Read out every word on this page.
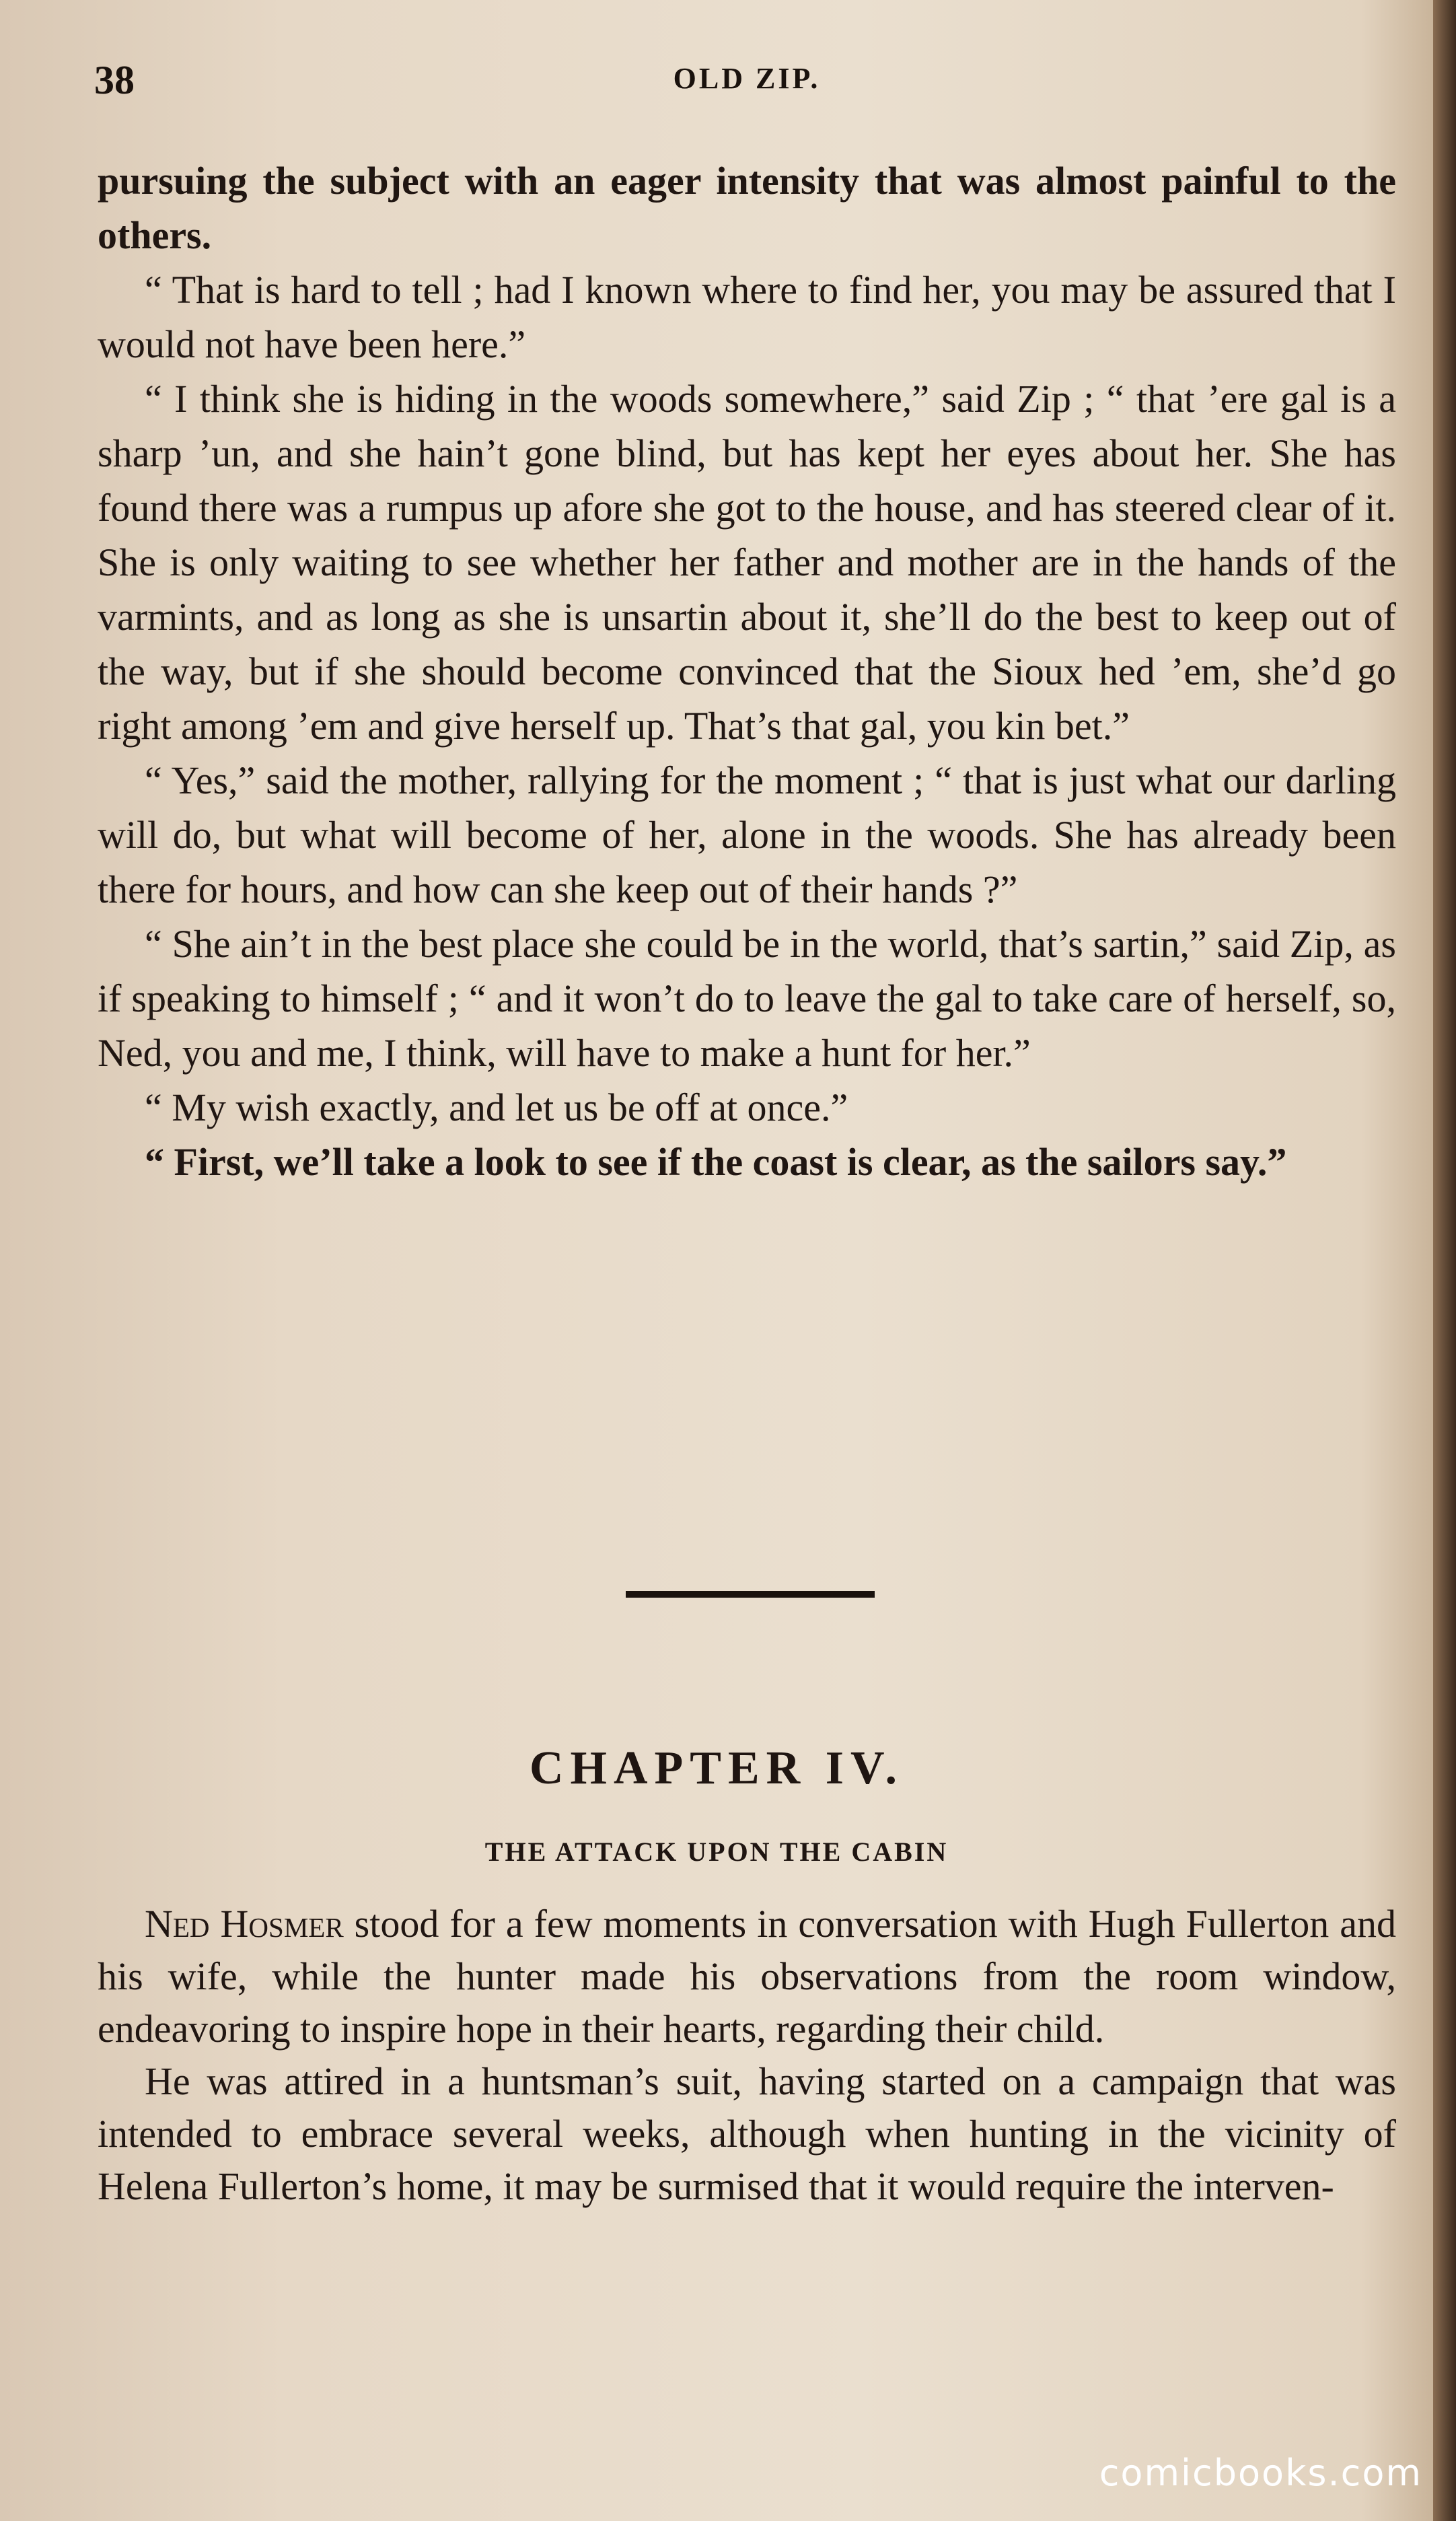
38	OLD ZIP.

pursuing the subject with an eager intensity that was almost painful to the others.

“ That is hard to tell ; had I known where to find her, you may be assured that I would not have been here.”

“ I think she is hiding in the woods somewhere,” said Zip ; “ that ’ere gal is a sharp ’un, and she hain’t gone blind, but has kept her eyes about her. She has found there was a rumpus up afore she got to the house, and has steered clear of it. She is only waiting to see whether her father and mother are in the hands of the varmints, and as long as she is unsartin about it, she’ll do the best to keep out of the way, but if she should become convinced that the Sioux hed ’em, she’d go right among ’em and give herself up. That’s that gal, you kin bet.”

“ Yes,” said the mother, rallying for the moment ; “ that is just what our darling will do, but what will become of her, alone in the woods. She has already been there for hours, and how can she keep out of their hands ?”

“ She ain’t in the best place she could be in the world, that’s sartin,” said Zip, as if speaking to himself ; “ and it won’t do to leave the gal to take care of herself, so, Ned, you and me, I think, will have to make a hunt for her.”

“ My wish exactly, and let us be off at once.”

“ First, we’ll take a look to see if the coast is clear, as the sailors say.”

CHAPTER IV.
THE ATTACK UPON THE CABIN

Ned Hosmer stood for a few moments in conversation with Hugh Fullerton and his wife, while the hunter made his observations from the room window, endeavoring to inspire hope in their hearts, regarding their child.

He was attired in a huntsman’s suit, having started on a campaign that was intended to embrace several weeks, although when hunting in the vicinity of Helena Fullerton’s home, it may be surmised that it would require the interven-

comicbooks.com
